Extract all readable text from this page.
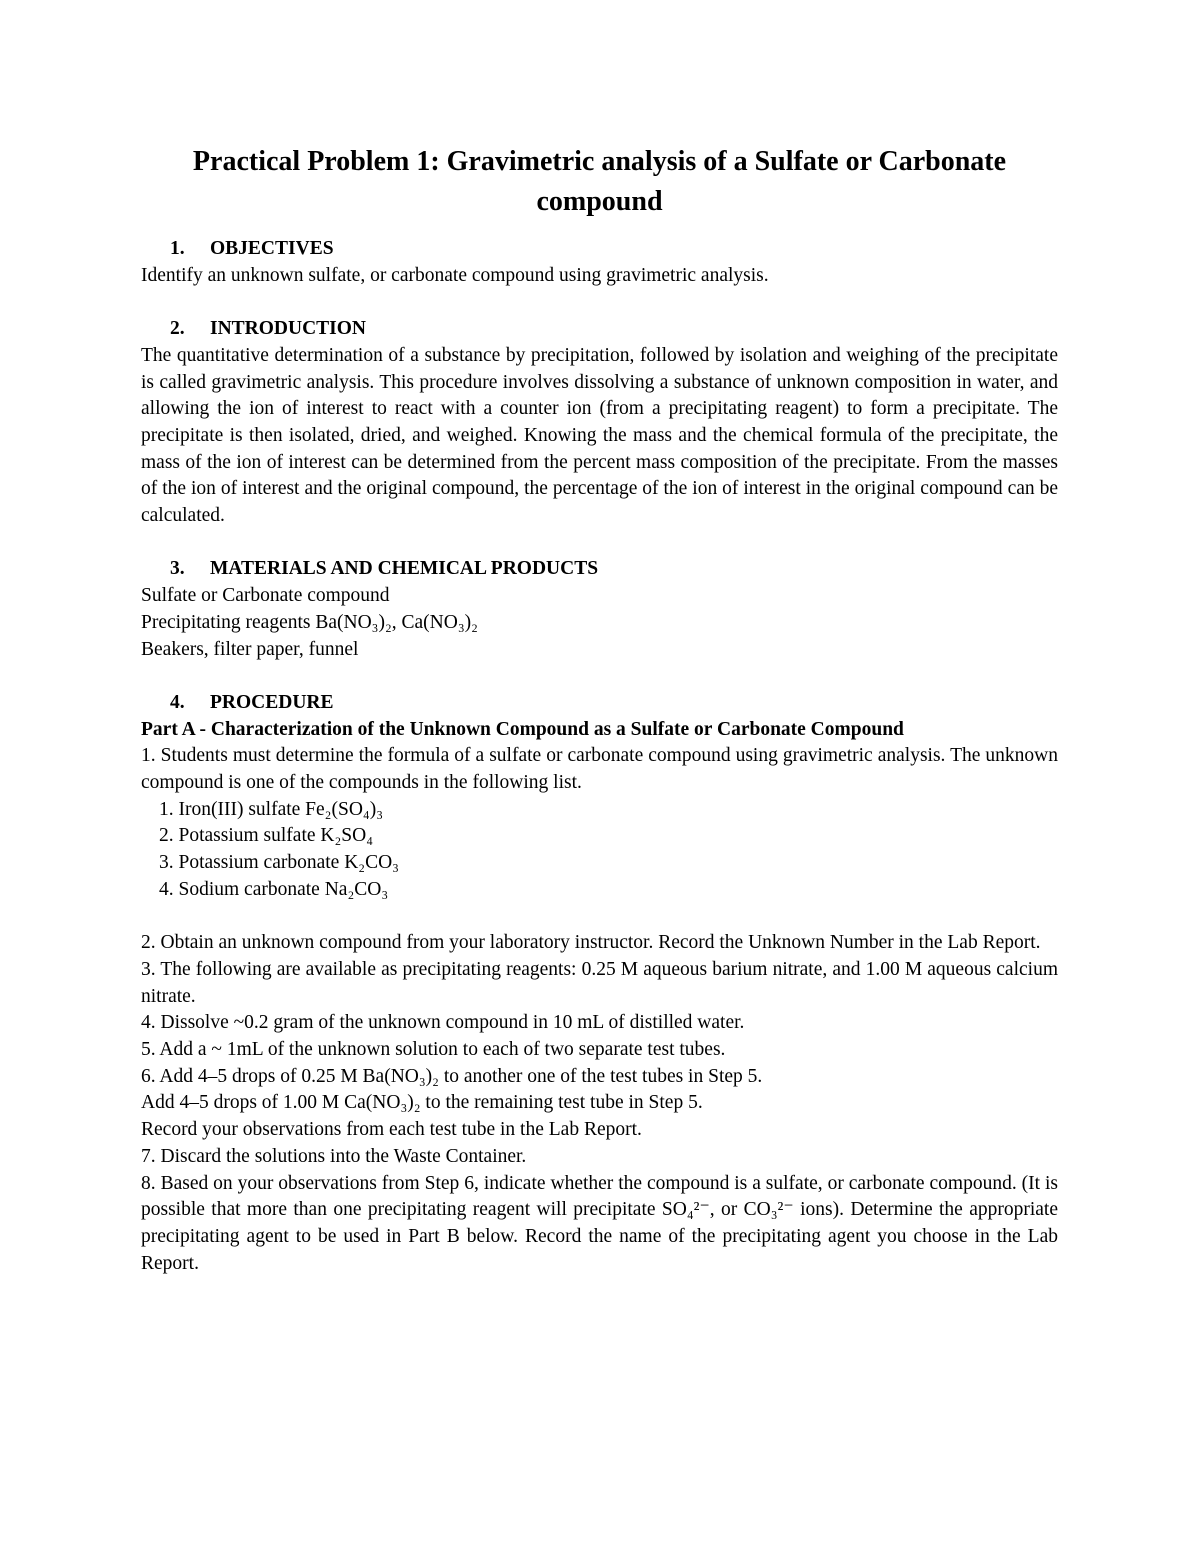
Practical Problem 1: Gravimetric analysis of a Sulfate or Carbonate compound

1. OBJECTIVES

Identify an unknown sulfate, or carbonate compound using gravimetric analysis.

2. INTRODUCTION

The quantitative determination of a substance by precipitation, followed by isolation and weighing of the precipitate is called gravimetric analysis. This procedure involves dissolving a substance of unknown composition in water, and allowing the ion of interest to react with a counter ion (from a precipitating reagent) to form a precipitate. The precipitate is then isolated, dried, and weighed. Knowing the mass and the chemical formula of the precipitate, the mass of the ion of interest can be determined from the percent mass composition of the precipitate. From the masses of the ion of interest and the original compound, the percentage of the ion of interest in the original compound can be calculated.

3. MATERIALS AND CHEMICAL PRODUCTS

Sulfate or Carbonate compound

Precipitating reagents Ba(NO₃)₂, Ca(NO₃)₂

Beakers, filter paper, funnel

4. PROCEDURE

Part A - Characterization of the Unknown Compound as a Sulfate or Carbonate Compound

1. Students must determine the formula of a sulfate or carbonate compound using gravimetric analysis. The unknown compound is one of the compounds in the following list.

1. Iron(III) sulfate Fe₂(SO₄)₃

2. Potassium sulfate K₂SO₄

3. Potassium carbonate K₂CO₃

4. Sodium carbonate Na₂CO₃

2. Obtain an unknown compound from your laboratory instructor. Record the Unknown Number in the Lab Report.

3. The following are available as precipitating reagents: 0.25 M aqueous barium nitrate, and 1.00 M aqueous calcium nitrate.

4. Dissolve ~0.2 gram of the unknown compound in 10 mL of distilled water.

5. Add a ~ 1mL of the unknown solution to each of two separate test tubes.

6. Add 4–5 drops of 0.25 M Ba(NO₃)₂ to another one of the test tubes in Step 5.

Add 4–5 drops of 1.00 M Ca(NO₃)₂ to the remaining test tube in Step 5.

Record your observations from each test tube in the Lab Report.

7. Discard the solutions into the Waste Container.

8. Based on your observations from Step 6, indicate whether the compound is a sulfate, or carbonate compound. (It is possible that more than one precipitating reagent will precipitate SO₄²⁻, or CO₃²⁻ ions). Determine the appropriate precipitating agent to be used in Part B below. Record the name of the precipitating agent you choose in the Lab Report.
